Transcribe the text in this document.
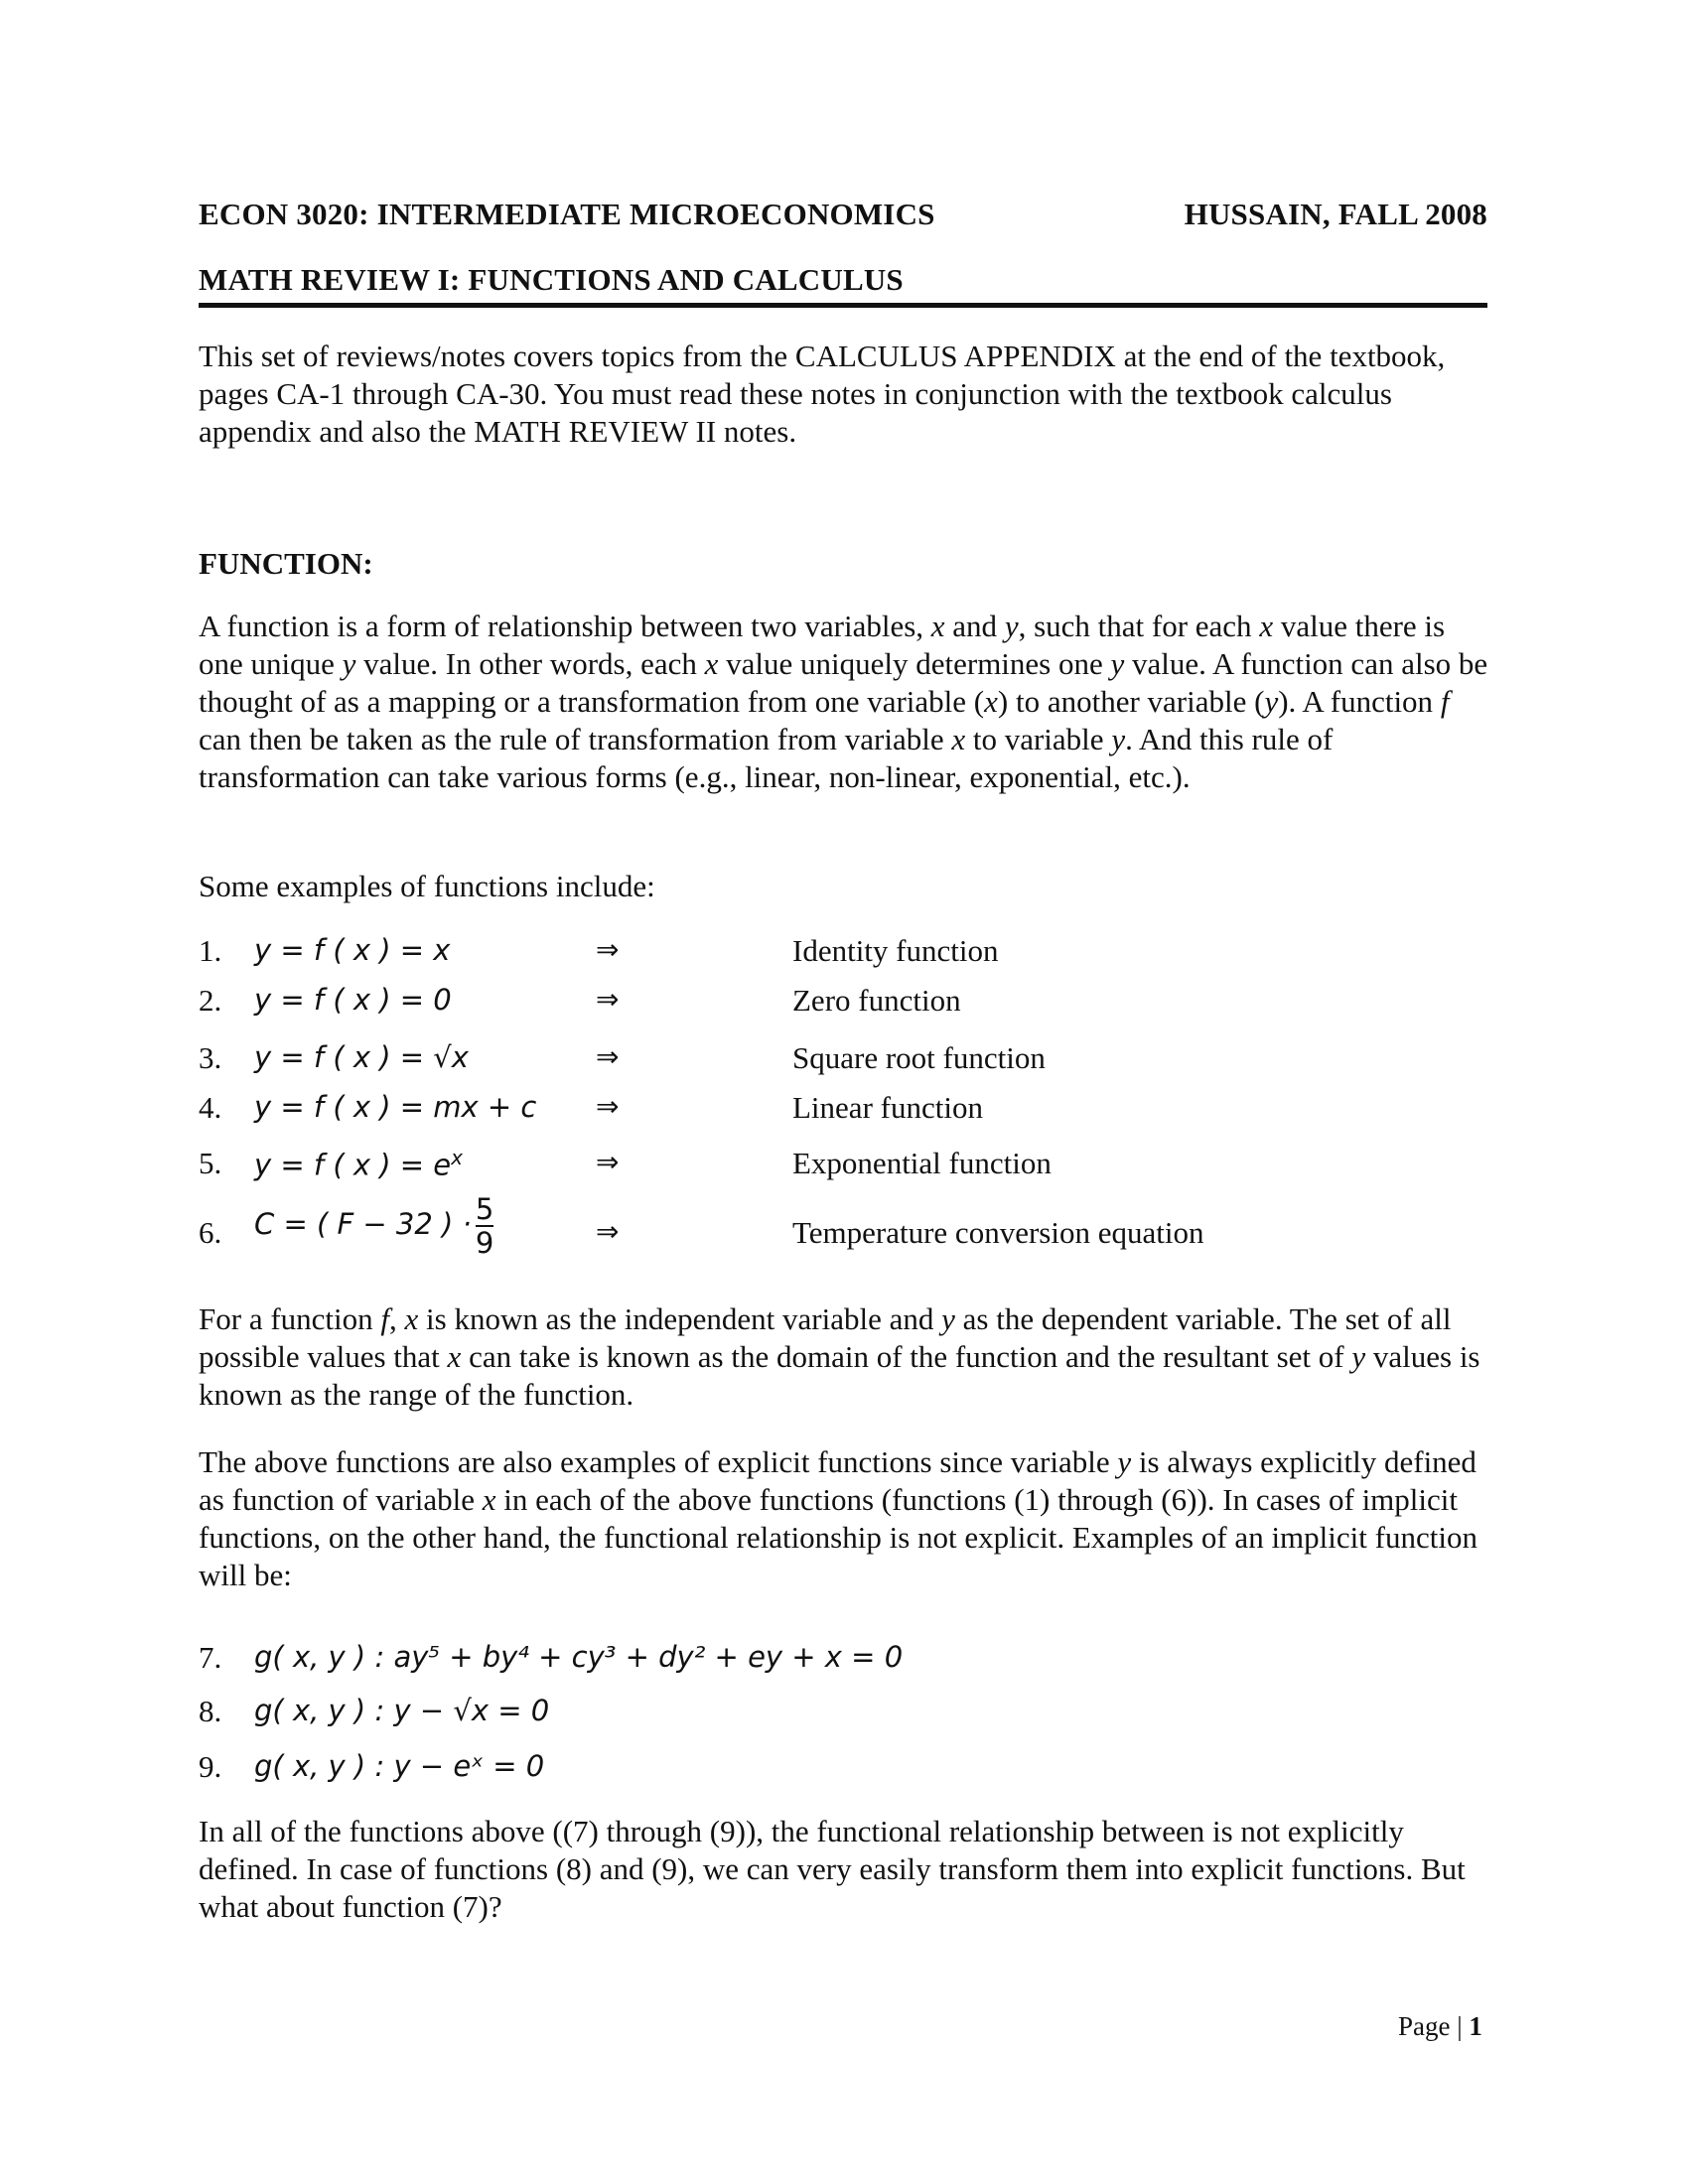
ECON 3020: INTERMEDIATE MICROECONOMICS	HUSSAIN, FALL 2008
MATH REVIEW I: FUNCTIONS AND CALCULUS

This set of reviews/notes covers topics from the CALCULUS APPENDIX at the end of the textbook, pages CA-1 through CA-30. You must read these notes in conjunction with the textbook calculus appendix and also the MATH REVIEW II notes.

FUNCTION:

A function is a form of relationship between two variables, x and y, such that for each x value there is one unique y value. In other words, each x value uniquely determines one y value. A function can also be thought of as a mapping or a transformation from one variable (x) to another variable (y). A function f can then be taken as the rule of transformation from variable x to variable y. And this rule of transformation can take various forms (e.g., linear, non-linear, exponential, etc.).

Some examples of functions include:

1. y = f ( x ) = x	⇒	Identity function
2. y = f ( x ) = 0	⇒	Zero function
3. y = f ( x ) = √x	⇒	Square root function
4. y = f ( x ) = mx + c ⇒	Linear function
5. y = f ( x ) = $e^x$	⇒	Exponential function
6. C = ( F − 32 ) · $\frac{5}{9}$	⇒	Temperature conversion equation

For a function f, x is known as the independent variable and y as the dependent variable. The set of all possible values that x can take is known as the domain of the function and the resultant set of y values is known as the range of the function.

The above functions are also examples of explicit functions since variable y is always explicitly defined as function of variable x in each of the above functions (functions (1) through (6)). In cases of implicit functions, on the other hand, the functional relationship is not explicit. Examples of an implicit function will be:

7. g( x, y ) : ay⁵ + by⁴ + cy³ + dy² + ey + x = 0
8. g( x, y ) : y − √x = 0
9. g( x, y ) : y − eˣ = 0

In all of the functions above ((7) through (9)), the functional relationship between is not explicitly defined. In case of functions (8) and (9), we can very easily transform them into explicit functions. But what about function (7)?

Page | 1
